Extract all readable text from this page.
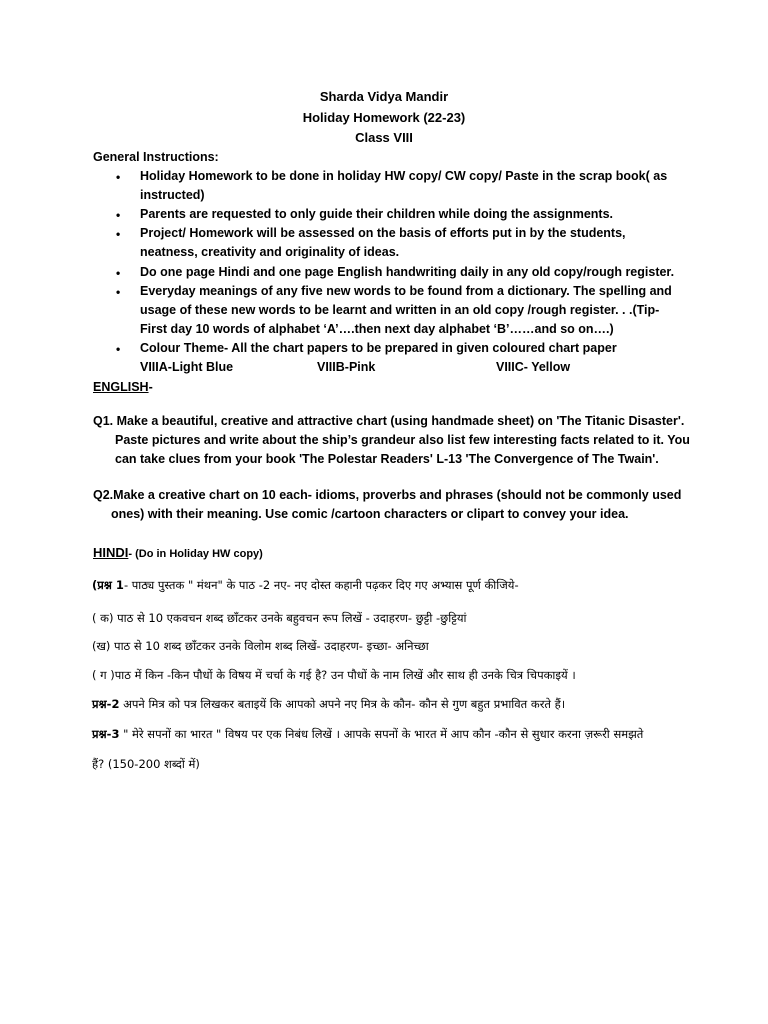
Sharda Vidya Mandir
Holiday Homework (22-23)
Class VIII
General Instructions:
• Holiday Homework to be done in holiday HW copy/ CW copy/ Paste in the scrap book( as
instructed)
• Parents are requested to only guide their children while doing the assignments.
• Project/ Homework will be assessed on the basis of efforts put in by the students,
neatness, creativity and originality of ideas.
• Do one page Hindi and one page English handwriting daily in any old copy/rough register.
• Everyday meanings of any five new words to be found from a dictionary. The spelling and
usage of these new words to be learnt and written in an old copy /rough register. . .(Tip-
First day 10 words of alphabet ‘A’….then next day alphabet ‘B’……and so on….)
• Colour Theme- All the chart papers to be prepared in given coloured chart paper
VIIIA-Light Blue	VIIIB-Pink	VIIIC- Yellow
ENGLISH-
Q1. Make a beautiful, creative and attractive chart (using handmade sheet) on 'The Titanic Disaster'.
Paste pictures and write about the ship’s grandeur also list few interesting facts related to it. You
can take clues from your book 'The Polestar Readers' L-13 'The Convergence of The Twain'.
Q2.Make a creative chart on 10 each- idioms, proverbs and phrases (should not be commonly used
ones) with their meaning. Use comic /cartoon characters or clipart to convey your idea.
HINDI- (Do in Holiday HW copy)
(प्रश्न 1- पाठ्य पुस्तक " मंथन" के पाठ -2 नए- नए दोस्त कहानी पढ़कर दिए गए अभ्यास पूर्ण कीजिये-
( क) पाठ से 10 एकवचन शब्द छाँटकर उनके बहुवचन रूप लिखें - उदाहरण- छुट्टी -छुट्टियां
(ख) पाठ से 10 शब्द छाँटकर उनके विलोम शब्द लिखें- उदाहरण- इच्छा- अनिच्छा
( ग )पाठ में किन -किन पौधों के विषय में चर्चा के गई है? उन पौधों के नाम लिखें और साथ ही उनके चित्र चिपकाइयें ।
प्रश्न-2 अपने मित्र को पत्र लिखकर बताइयें कि आपको अपने नए मित्र के कौन- कौन से गुण बहुत प्रभावित करते हैं।
प्रश्न-3 " मेरे सपनों का भारत " विषय पर एक निबंध लिखें । आपके सपनों के भारत में आप कौन -कौन से सुधार करना ज़रूरी समझते
हैं? (150-200 शब्दों में)
